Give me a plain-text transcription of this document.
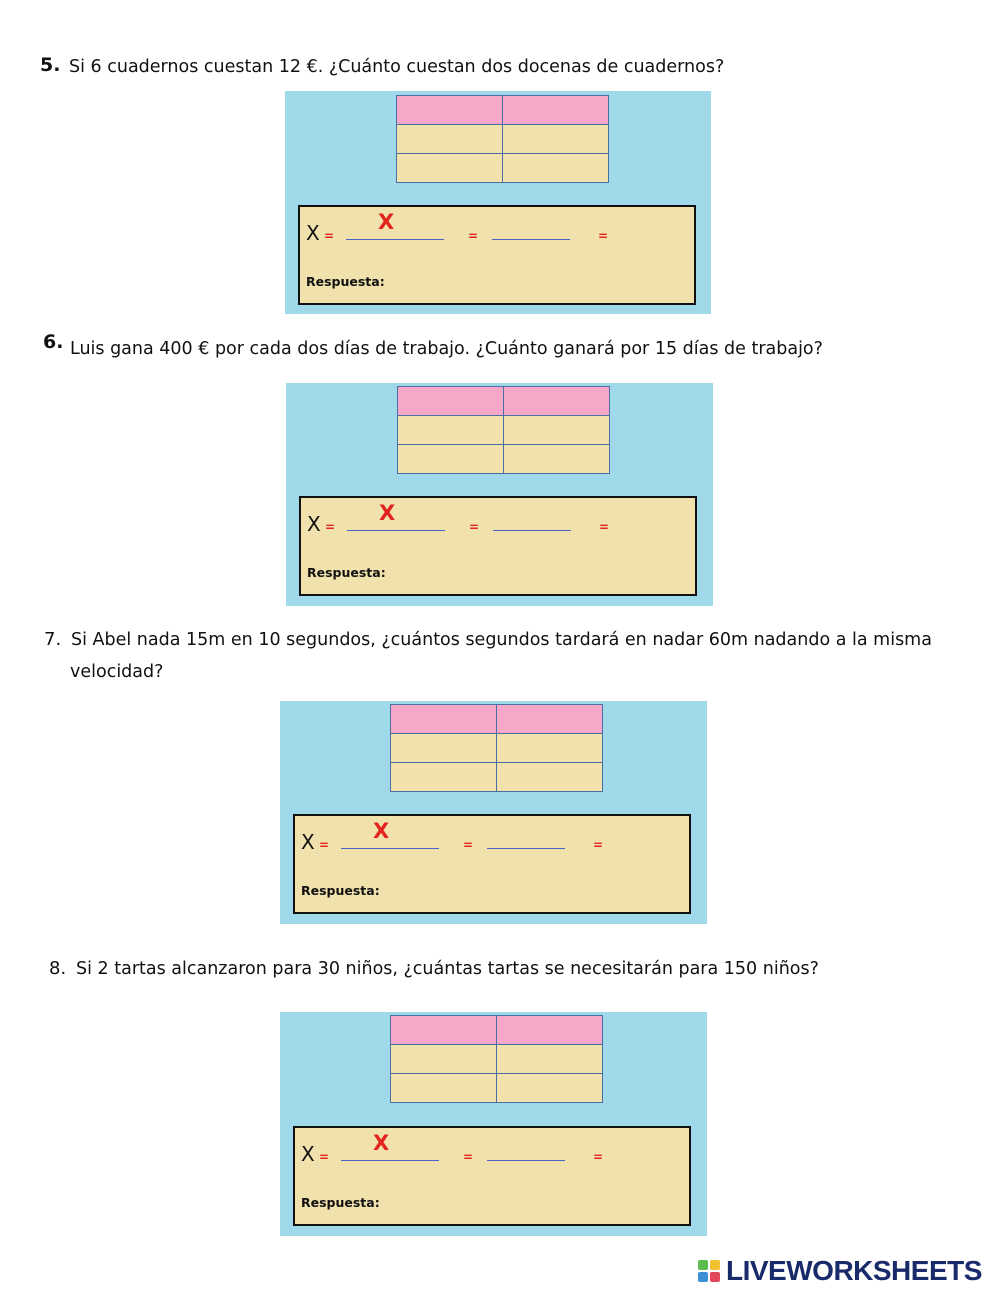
5. Si 6 cuadernos cuestan 12 €. ¿Cuánto cuestan dos docenas de cuadernos?

X =
X
=	=
Respuesta:
6. Luis gana 400 € por cada dos días de trabajo. ¿Cuánto ganará por 15 días de trabajo?

X =
X
=	=
Respuesta:
7. Si Abel nada 15m en 10 segundos, ¿cuántos segundos tardará en nadar 60m nadando a la misma
velocidad?

X =
X
=	=
Respuesta:
8. Si 2 tartas alcanzaron para 30 niños, ¿cuántas tartas se necesitarán para 150 niños?

X =
X
=	=
Respuesta:
LIVEWORKSHEETS
